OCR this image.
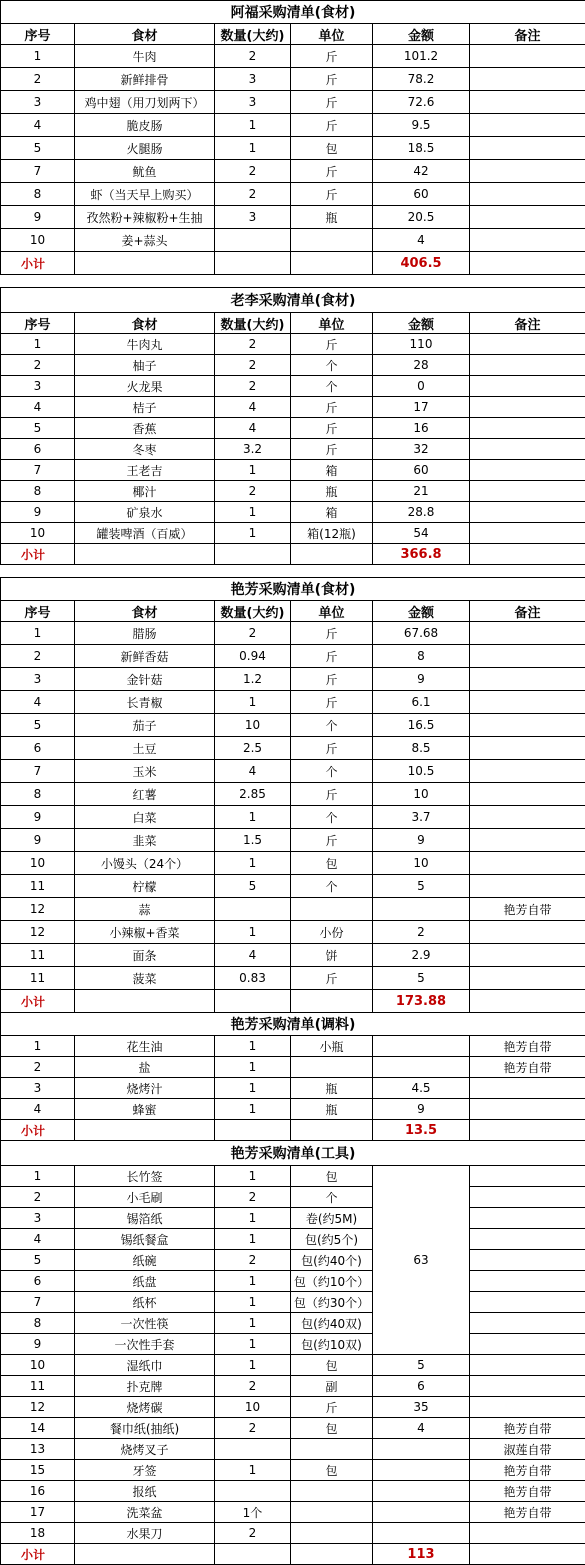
阿福采购清单(食材)					
序号	食材	数量(大约)	单位	金额	备注
1	牛肉	2	斤	101.2	
2	新鲜排骨	3	斤	78.2	
3	鸡中翅（用刀划两下）	3	斤	72.6	
4	脆皮肠	1	斤	9.5	
5	火腿肠	1	包	18.5	
7	鱿鱼	2	斤	42	
8	虾（当天早上购买）	2	斤	60	
9	孜然粉+辣椒粉+生抽	3	瓶	20.5	
10	姜+蒜头			4	
小计				406.5	

老李采购清单(食材)					
序号	食材	数量(大约)	单位	金额	备注
1	牛肉丸	2	斤	110	
2	柚子	2	个	28	
3	火龙果	2	个	0	
4	桔子	4	斤	17	
5	香蕉	4	斤	16	
6	冬枣	3.2	斤	32	
7	王老吉	1	箱	60	
8	椰汁	2	瓶	21	
9	矿泉水	1	箱	28.8	
10	罐装啤酒（百威）	1	箱(12瓶)	54	
小计				366.8	

艳芳采购清单(食材)					
序号	食材	数量(大约)	单位	金额	备注
1	腊肠	2	斤	67.68	
2	新鲜香菇	0.94	斤	8	
3	金针菇	1.2	斤	9	
4	长青椒	1	斤	6.1	
5	茄子	10	个	16.5	
6	土豆	2.5	斤	8.5	
7	玉米	4	个	10.5	
8	红薯	2.85	斤	10	
9	白菜	1	个	3.7	
9	韭菜	1.5	斤	9	
10	小馒头（24个）	1	包	10	
11	柠檬	5	个	5	
12	蒜				艳芳自带
12	小辣椒+香菜	1	小份	2	
11	面条	4	饼	2.9	
11	菠菜	0.83	斤	5	
小计				173.88	
艳芳采购清单(调料)					
1	花生油	1	小瓶		艳芳自带
2	盐	1			艳芳自带
3	烧烤汁	1	瓶	4.5	
4	蜂蜜	1	瓶	9	
小计				13.5	
艳芳采购清单(工具)					
1	长竹签	1	包	63	
2	小毛刷	2	个		
3	锡箔纸	1	卷(约5M)		
4	锡纸餐盒	1	包(约5个)		
5	纸碗	2	包(约40个)		
6	纸盘	1	包（约10个）		
7	纸杯	1	包（约30个）		
8	一次性筷	1	包(约40双)		
9	一次性手套	1	包(约10双)		
10	湿纸巾	1	包	5	
11	扑克牌	2	副	6	
12	烧烤碳	10	斤	35	
14	餐巾纸(抽纸)	2	包	4	艳芳自带
13	烧烤叉子				淑莲自带
15	牙签	1	包		艳芳自带
16	报纸				艳芳自带
17	洗菜盆	1个			艳芳自带
18	水果刀	2			
小计				113	
